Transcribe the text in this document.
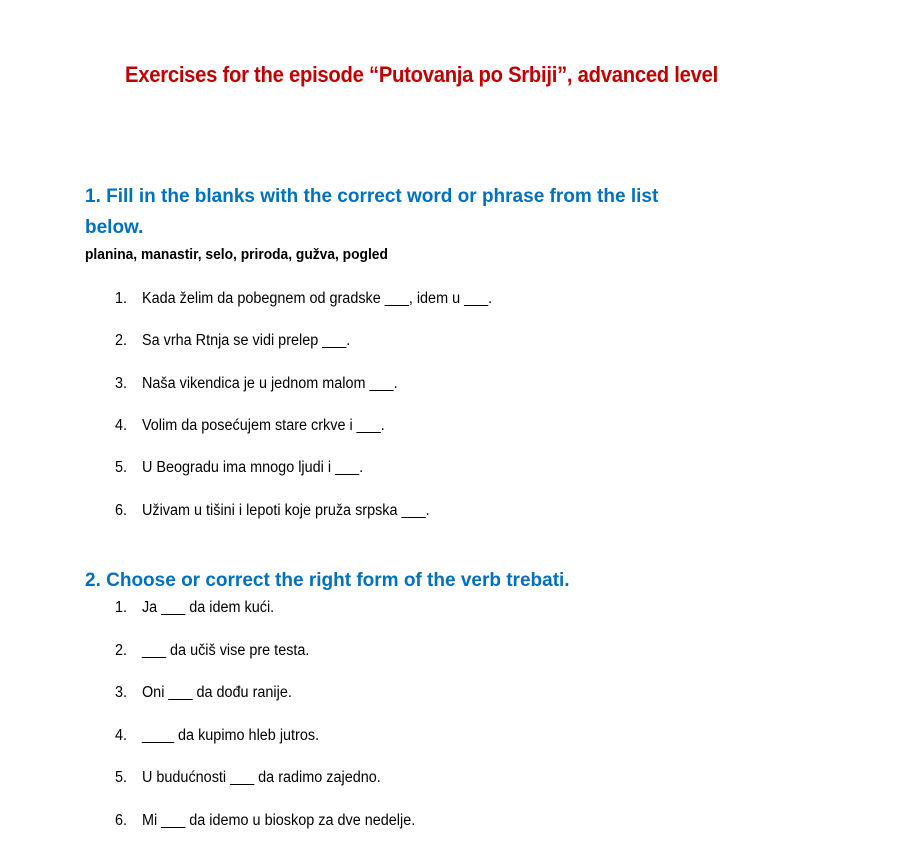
Exercises for the episode “Putovanja po Srbiji”, advanced level
1. Fill in the blanks with the correct word or phrase from the list
below.
planina, manastir, selo, priroda, gužva, pogled
1. Kada želim da pobegnem od gradske ___, idem u ___.
2. Sa vrha Rtnja se vidi prelep ___.
3. Naša vikendica je u jednom malom ___.
4. Volim da posećujem stare crkve i ___.
5. U Beogradu ima mnogo ljudi i ___.
6. Uživam u tišini i lepoti koje pruža srpska ___.
2. Choose or correct the right form of the verb trebati.
1. Ja ___ da idem kući.
2. ___ da učiš vise pre testa.
3. Oni ___ da dođu ranije.
4. ____ da kupimo hleb jutros.
5. U budućnosti ___ da radimo zajedno.
6. Mi ___ da idemo u bioskop za dve nedelje.
